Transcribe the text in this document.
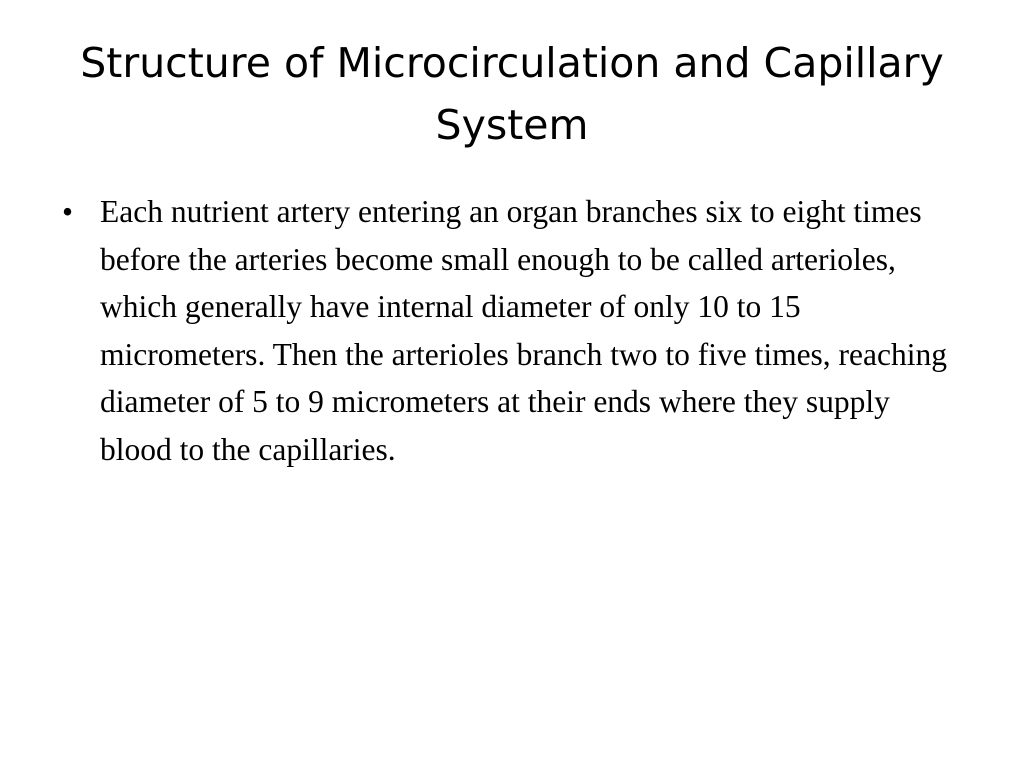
Structure of Microcirculation and Capillary System
• Each nutrient artery entering an organ branches six to eight times before the arteries become small enough to be called arterioles, which generally have internal diameter of only 10 to 15 micrometers. Then the arterioles branch two to five times, reaching diameter of 5 to 9 micrometers at their ends where they supply blood to the capillaries.
